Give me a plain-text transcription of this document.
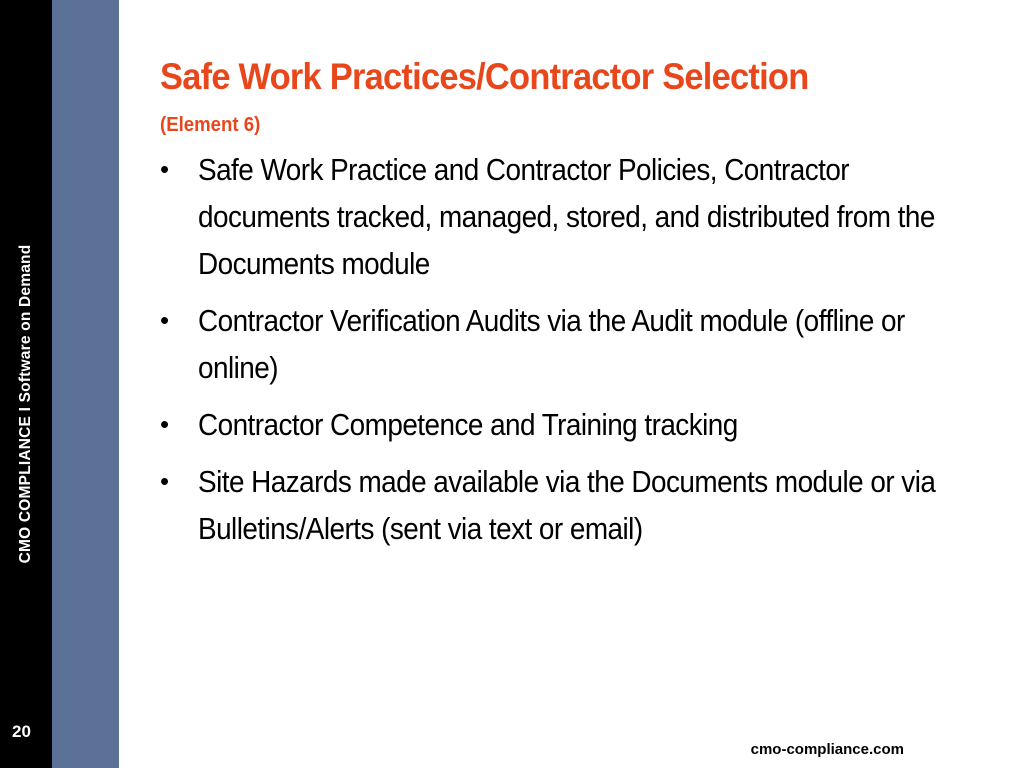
CMO COMPLIANCE I Software on Demand
20
Safe Work Practices/Contractor Selection
(Element 6)
• Safe Work Practice and Contractor Policies, Contractor documents tracked, managed, stored, and distributed from the Documents module
• Contractor Verification Audits via the Audit module (offline or online)
• Contractor Competence and Training tracking
• Site Hazards made available via the Documents module or via Bulletins/Alerts (sent via text or email)
cmo-compliance.com
